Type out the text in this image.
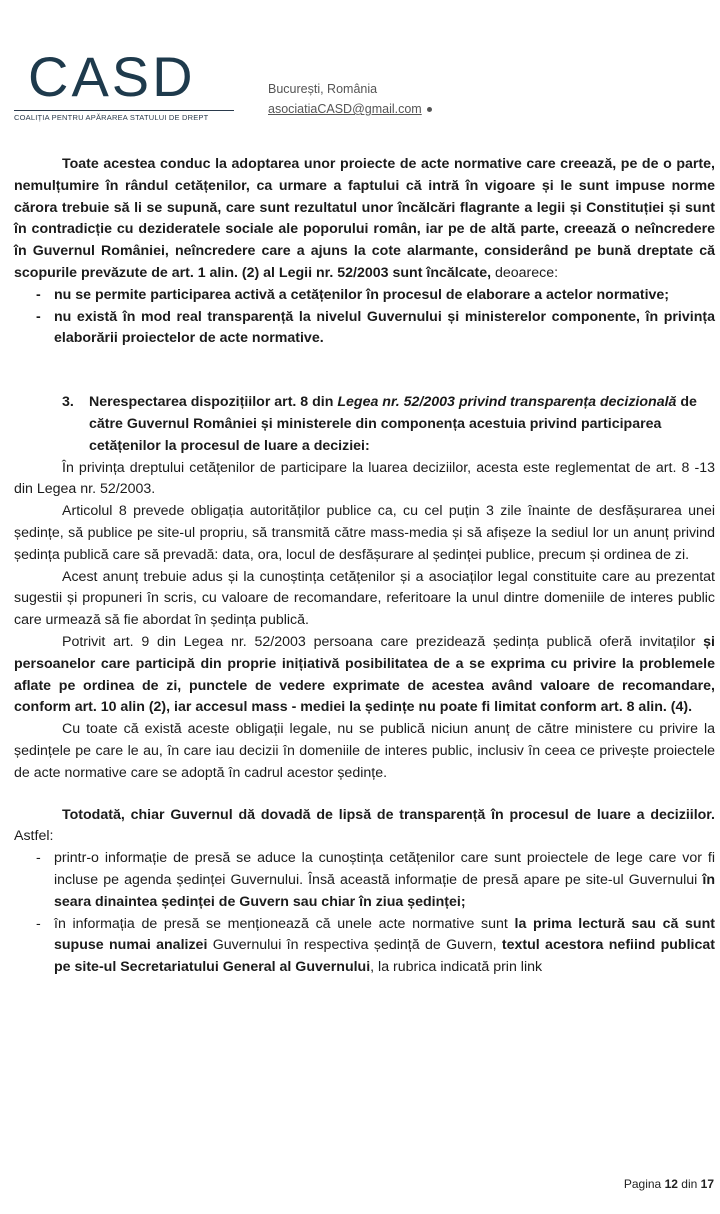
CASD
COALIȚIA PENTRU APĂRAREA STATULUI DE DREPT
București, România
asociatiaCASD@gmail.com

Toate acestea conduc la adoptarea unor proiecte de acte normative care creează, pe de o parte, nemulțumire în rândul cetățenilor, ca urmare a faptului că intră în vigoare și le sunt impuse norme cărora trebuie să li se supună, care sunt rezultatul unor încălcări flagrante a legii și Constituției și sunt în contradicție cu dezideratele sociale ale poporului român, iar pe de altă parte, creează o neîncredere în Guvernul României, neîncredere care a ajuns la cote alarmante, considerând pe bună dreptate că scopurile prevăzute de art. 1 alin. (2) al Legii nr. 52/2003 sunt încălcate, deoarece:

- nu se permite participarea activă a cetățenilor în procesul de elaborare a actelor normative;
- nu există în mod real transparență la nivelul Guvernului și ministerelor componente, în privința elaborării proiectelor de acte normative.
3. Nerespectarea dispozițiilor art. 8 din Legea nr. 52/2003 privind transparența decizională de către Guvernul României și ministerele din componența acestuia privind participarea cetățenilor la procesul de luare a deciziei:

În privința dreptului cetățenilor de participare la luarea deciziilor, acesta este reglementat de art. 8 -13 din Legea nr. 52/2003.

Articolul 8 prevede obligația autorităților publice ca, cu cel puțin 3 zile înainte de desfășurarea unei ședințe, să publice pe site-ul propriu, să transmită către mass-media și să afișeze la sediul lor un anunț privind ședința publică care să prevadă: data, ora, locul de desfășurare al ședinței publice, precum și ordinea de zi.

Acest anunț trebuie adus și la cunoștința cetățenilor și a asociaților legal constituite care au prezentat sugestii și propuneri în scris, cu valoare de recomandare, referitoare la unul dintre domeniile de interes public care urmează să fie abordat în ședința publică.

Potrivit art. 9 din Legea nr. 52/2003 persoana care prezidează ședința publică oferă invitaților și persoanelor care participă din proprie inițiativă posibilitatea de a se exprima cu privire la problemele aflate pe ordinea de zi, punctele de vedere exprimate de acestea având valoare de recomandare, conform art. 10 alin (2), iar accesul mass - mediei la ședințe nu poate fi limitat conform art. 8 alin. (4).

Cu toate că există aceste obligații legale, nu se publică niciun anunț de către ministere cu privire la ședințele pe care le au, în care iau decizii în domeniile de interes public, inclusiv în ceea ce privește proiectele de acte normative care se adoptă în cadrul acestor ședințe.

Totodată, chiar Guvernul dă dovadă de lipsă de transparență în procesul de luare a deciziilor. Astfel:

- printr-o informație de presă se aduce la cunoștința cetățenilor care sunt proiectele de lege care vor fi incluse pe agenda ședinței Guvernului. Însă această informație de presă apare pe site-ul Guvernului în seara dinaintea ședinței de Guvern sau chiar în ziua ședinței;
- în informația de presă se menționează că unele acte normative sunt la prima lectură sau că sunt supuse numai analizei Guvernului în respectiva ședință de Guvern, textul acestora nefiind publicat pe site-ul Secretariatului General al Guvernului, la rubrica indicată prin link
Pagina 12 din 17
